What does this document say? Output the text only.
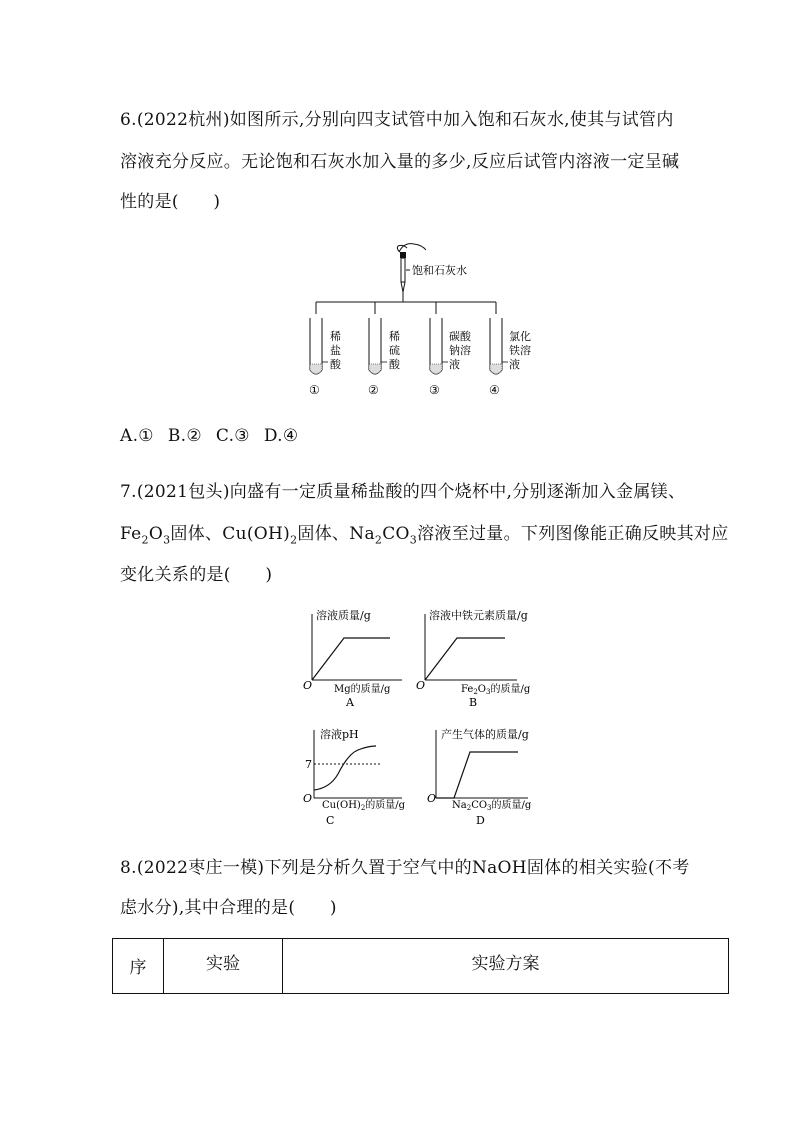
6.(2022杭州)如图所示,分别向四支试管中加入饱和石灰水,使其与试管内
溶液充分反应。无论饱和石灰水加入量的多少,反应后试管内溶液一定呈碱
性的是(　　)
饱和石灰水
稀
盐
酸
稀
硫
酸
碳酸
钠溶
液
氯化
铁溶
液
①	②	③	④
A.① B.② C.③ D.④
7.(2021包头)向盛有一定质量稀盐酸的四个烧杯中,分别逐渐加入金属镁、
$Fe_2O_3$固体、$Cu(OH)_2$固体、$Na_2CO_3$溶液至过量。下列图像能正确反映其对应
变化关系的是(　　)
溶液质量/g
O Mg的质量/g
A
溶液中铁元素质量/g
O	$Fe_2O_3$的质量/g
B
溶液pH
7
O
$Cu(OH)_2$的质量/g
C
产生气体的质量/g
O
$Na_2CO_3$的质量/g
D
8.(2022枣庄一模)下列是分析久置于空气中的NaOH固体的相关实验(不考
虑水分),其中合理的是(　　)
序	实验	实验方案
